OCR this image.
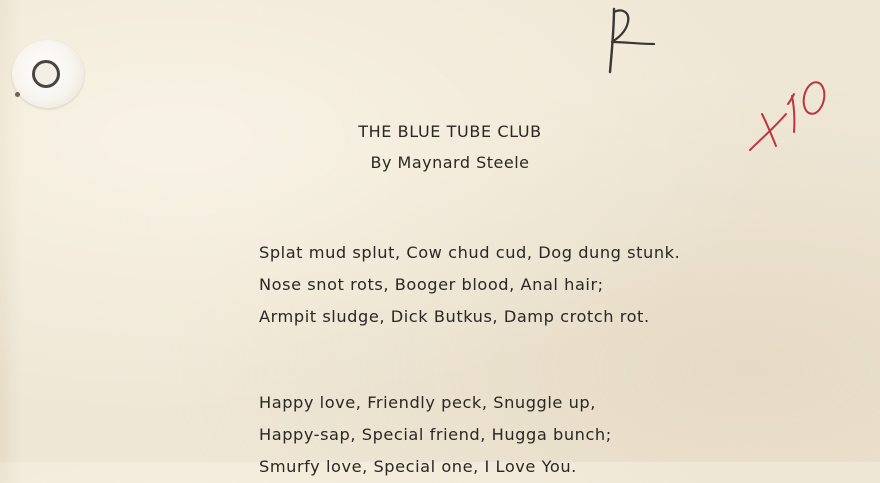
THE BLUE TUBE CLUB
By Maynard Steele
Splat mud splut, Cow chud cud, Dog dung stunk.
Nose snot rots, Booger blood, Anal hair;
Armpit sludge, Dick Butkus, Damp crotch rot.
Happy love, Friendly peck, Snuggle up,
Happy-sap, Special friend, Hugga bunch;
Smurfy love, Special one, I Love You.
